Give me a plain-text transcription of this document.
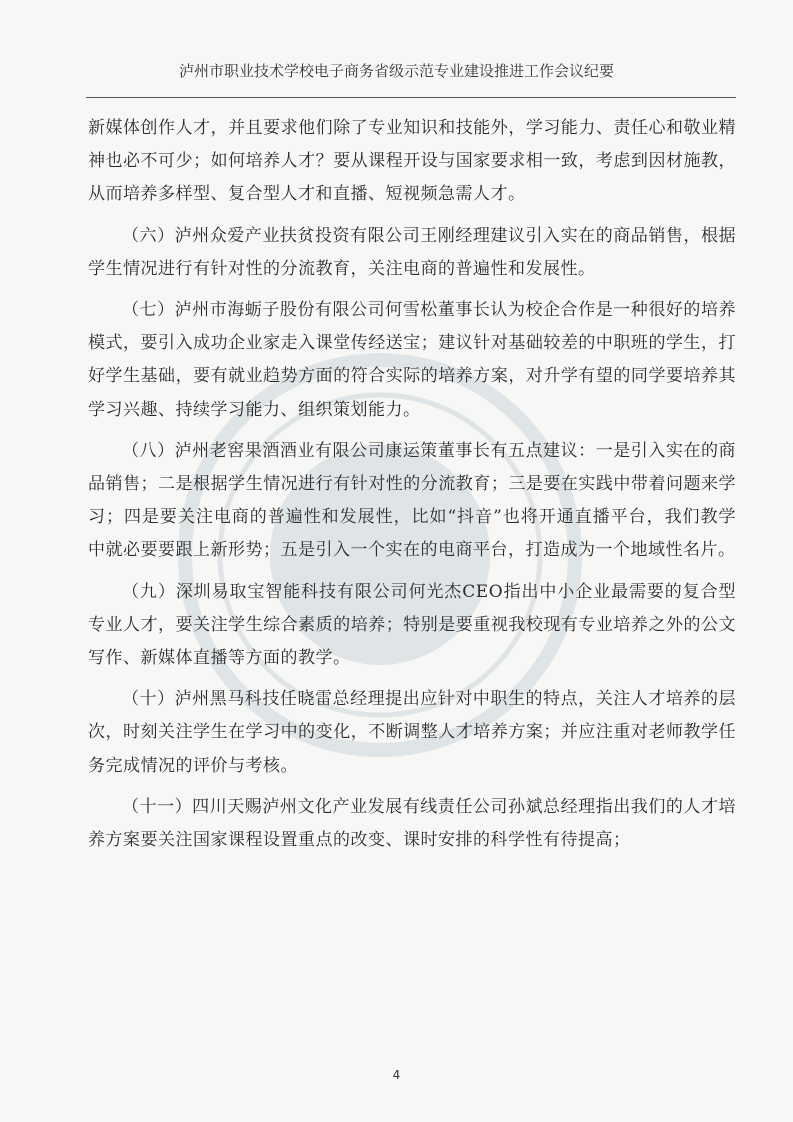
泸州市职业技术学校电子商务省级示范专业建设推进工作会议纪要

新媒体创作人才，并且要求他们除了专业知识和技能外，学习能力、责任心和敬业精神也必不可少；如何培养人才？要从课程开设与国家要求相一致，考虑到因材施教，从而培养多样型、复合型人才和直播、短视频急需人才。

（六）泸州众爱产业扶贫投资有限公司王刚经理建议引入实在的商品销售，根据学生情况进行有针对性的分流教育，关注电商的普遍性和发展性。

（七）泸州市海蛎子股份有限公司何雪松董事长认为校企合作是一种很好的培养模式，要引入成功企业家走入课堂传经送宝；建议针对基础较差的中职班的学生，打好学生基础，要有就业趋势方面的符合实际的培养方案，对升学有望的同学要培养其学习兴趣、持续学习能力、组织策划能力。

（八）泸州老窖果酒酒业有限公司康运策董事长有五点建议：一是引入实在的商品销售；二是根据学生情况进行有针对性的分流教育；三是要在实践中带着问题来学习；四是要关注电商的普遍性和发展性，比如“抖音”也将开通直播平台，我们教学中就必要要跟上新形势；五是引入一个实在的电商平台，打造成为一个地域性名片。

（九）深圳易取宝智能科技有限公司何光杰CEO指出中小企业最需要的复合型专业人才，要关注学生综合素质的培养；特别是要重视我校现有专业培养之外的公文写作、新媒体直播等方面的教学。

（十）泸州黑马科技任晓雷总经理提出应针对中职生的特点，关注人才培养的层次，时刻关注学生在学习中的变化，不断调整人才培养方案；并应注重对老师教学任务完成情况的评价与考核。

（十一）四川天赐泸州文化产业发展有线责任公司孙斌总经理指出我们的人才培养方案要关注国家课程设置重点的改变、课时安排的科学性有待提高；

4
